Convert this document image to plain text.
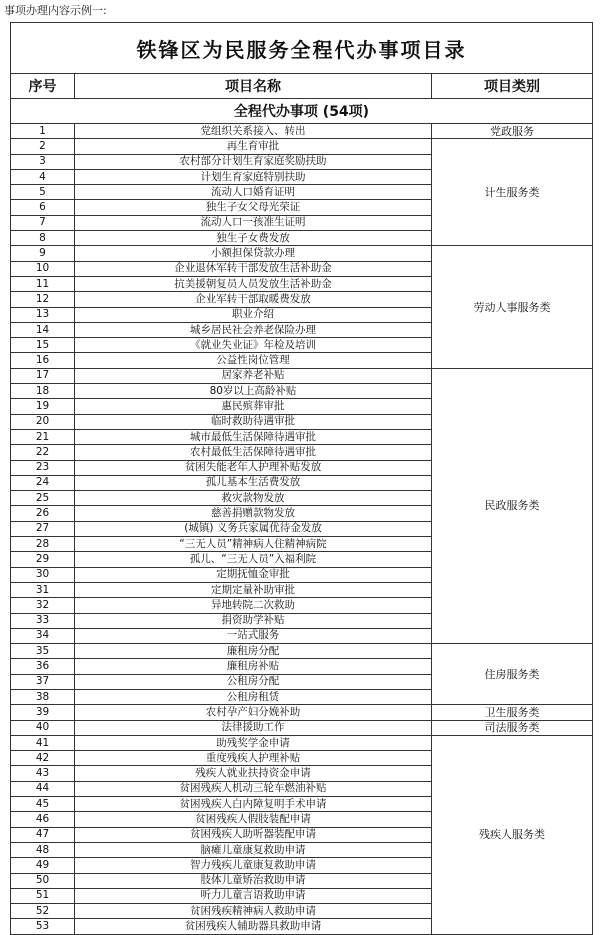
事项办理内容示例一:
铁锋区为民服务全程代办事项目录		
序号	项目名称	项目类别
全程代办事项 (54项)		
1	党组织关系接入、转出	党政服务
2	再生育审批	计生服务类
3	农村部分计划生育家庭奖励扶助	
4	计划生育家庭特别扶助	
5	流动人口婚育证明	
6	独生子女父母光荣证	
7	流动人口一孩准生证明	
8	独生子女费发放	
9	小额担保贷款办理	劳动人事服务类
10	企业退休军转干部发放生活补助金	
11	抗美援朝复员人员发放生活补助金	
12	企业军转干部取暖费发放	
13	职业介绍	
14	城乡居民社会养老保险办理	
15	《就业失业证》年检及培训	
16	公益性岗位管理	
17	居家养老补贴	民政服务类
18	80岁以上高龄补贴	
19	惠民殡葬审批	
20	临时救助待遇审批	
21	城市最低生活保障待遇审批	
22	农村最低生活保障待遇审批	
23	贫困失能老年人护理补贴发放	
24	孤儿基本生活费发放	
25	救灾款物发放	
26	慈善捐赠款物发放	
27	(城镇) 义务兵家属优待金发放	
28	“三无人员”精神病人住精神病院	
29	孤儿、“三无人员”入福利院	
30	定期抚恤金审批	
31	定期定量补助审批	
32	异地转院二次救助	
33	捐资助学补贴	
34	一站式服务	
35	廉租房分配	住房服务类
36	廉租房补贴	
37	公租房分配	
38	公租房租赁	
39	农村孕产妇分娩补助	卫生服务类
40	法律援助工作	司法服务类
41	助残奖学金申请	残疾人服务类
42	重度残疾人护理补贴	
43	残疾人就业扶持资金申请	
44	贫困残疾人机动三轮车燃油补贴	
45	贫困残疾人白内障复明手术申请	
46	贫困残疾人假肢装配申请	
47	贫困残疾人助听器装配申请	
48	脑瘫儿童康复救助申请	
49	智力残疾儿童康复救助申请	
50	肢体儿童矫治救助申请	
51	听力儿童言语救助申请	
52	贫困残疾精神病人救助申请	
53	贫困残疾人辅助器具救助申请	
